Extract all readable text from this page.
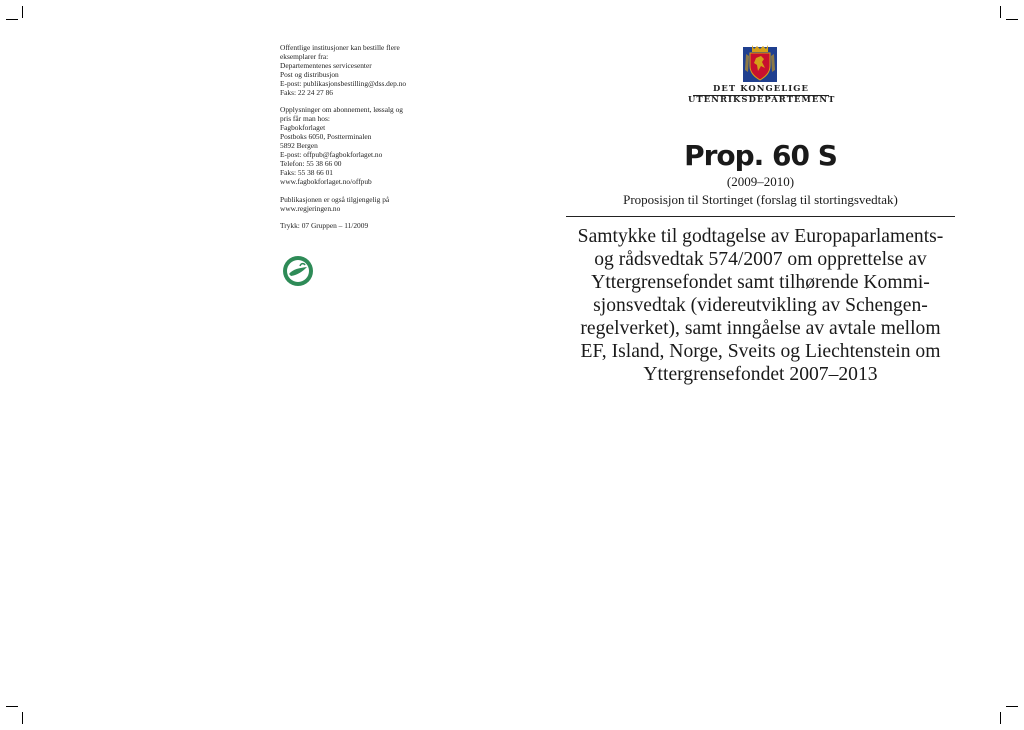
Offentlige institusjoner kan bestille flere
eksemplarer fra:
Departementenes servicesenter
Post og distribusjon
E-post: publikasjonsbestilling@dss.dep.no
Faks: 22 24 27 86

Opplysninger om abonnement, løssalg og
pris får man hos:
Fagbokforlaget
Postboks 6050, Postterminalen
5892 Bergen
E-post: offpub@fagbokforlaget.no
Telefon: 55 38 66 00
Faks: 55 38 66 01
www.fagbokforlaget.no/offpub

Publikasjonen er også tilgjengelig på
www.regjeringen.no

Trykk: 07 Gruppen – 11/2009

DET KONGELIGE
UTENRIKSDEPARTEMENT
Prop. 60 S
(2009–2010)
Proposisjon til Stortinget (forslag til stortingsvedtak)
Samtykke til godtagelse av Europaparlaments-
og rådsvedtak 574/2007 om opprettelse av
Yttergrensefondet samt tilhørende Kommi-
sjonsvedtak (videreutvikling av Schengen-
regelverket), samt inngåelse av avtale mellom
EF, Island, Norge, Sveits og Liechtenstein om
Yttergrensefondet 2007–2013
